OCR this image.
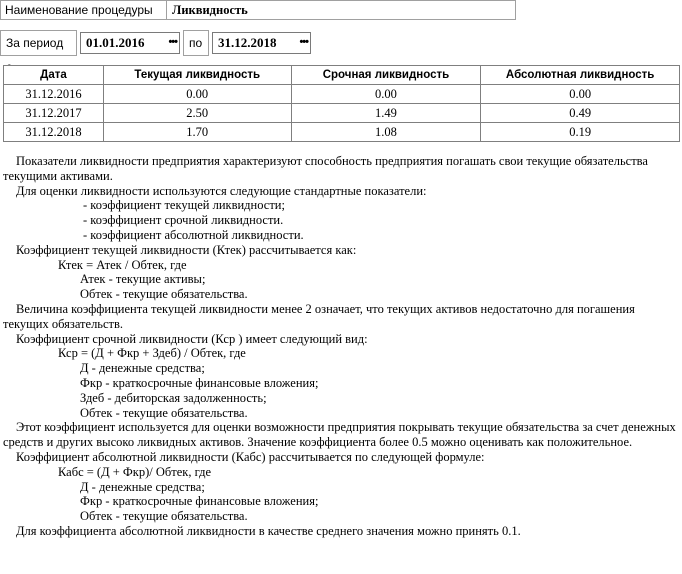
Наименование процедуры	Ликвидность
За период	01.01.2016 •••	по	31.12.2018 •••
Дата	Текущая ликвидность	Срочная ликвидность	Абсолютная ликвидность
31.12.2016	0.00	0.00	0.00
31.12.2017	2.50	1.49	0.49
31.12.2018	1.70	1.08	0.19

Показатели ликвидности предприятия характеризуют способность предприятия погашать свои текущие обязательства текущими активами.

Для оценки ликвидности используются следующие стандартные показатели:

- коэффициент текущей ликвидности;

- коэффициент срочной ликвидности.

- коэффициент абсолютной ликвидности.

Коэффициент текущей ликвидности (Ктек) рассчитывается как:

Ктек = Атек / Обтек, где

Атек - текущие активы;

Обтек - текущие обязательства.

Величина коэффициента текущей ликвидности менее 2 означает, что текущих активов недостаточно для погашения текущих обязательств.

Коэффициент срочной ликвидности (Кср ) имеет следующий вид:

Кср = (Д + Фкр + Здеб) / Обтек, где

Д - денежные средства;

Фкр - краткосрочные финансовые вложения;

Здеб - дебиторская задолженность;

Обтек - текущие обязательства.

Этот коэффициент используется для оценки возможности предприятия покрывать текущие обязательства за счет денежных средств и других высоко ликвидных активов. Значение коэффициента более 0.5 можно оценивать как положительное.

Коэффициент абсолютной ликвидности (Кабс) рассчитывается по следующей формуле:

Кабс = (Д + Фкр)/ Обтек, где

Д - денежные средства;

Фкр - краткосрочные финансовые вложения;

Обтек - текущие обязательства.

Для коэффициента абсолютной ликвидности в качестве среднего значения можно принять 0.1.
